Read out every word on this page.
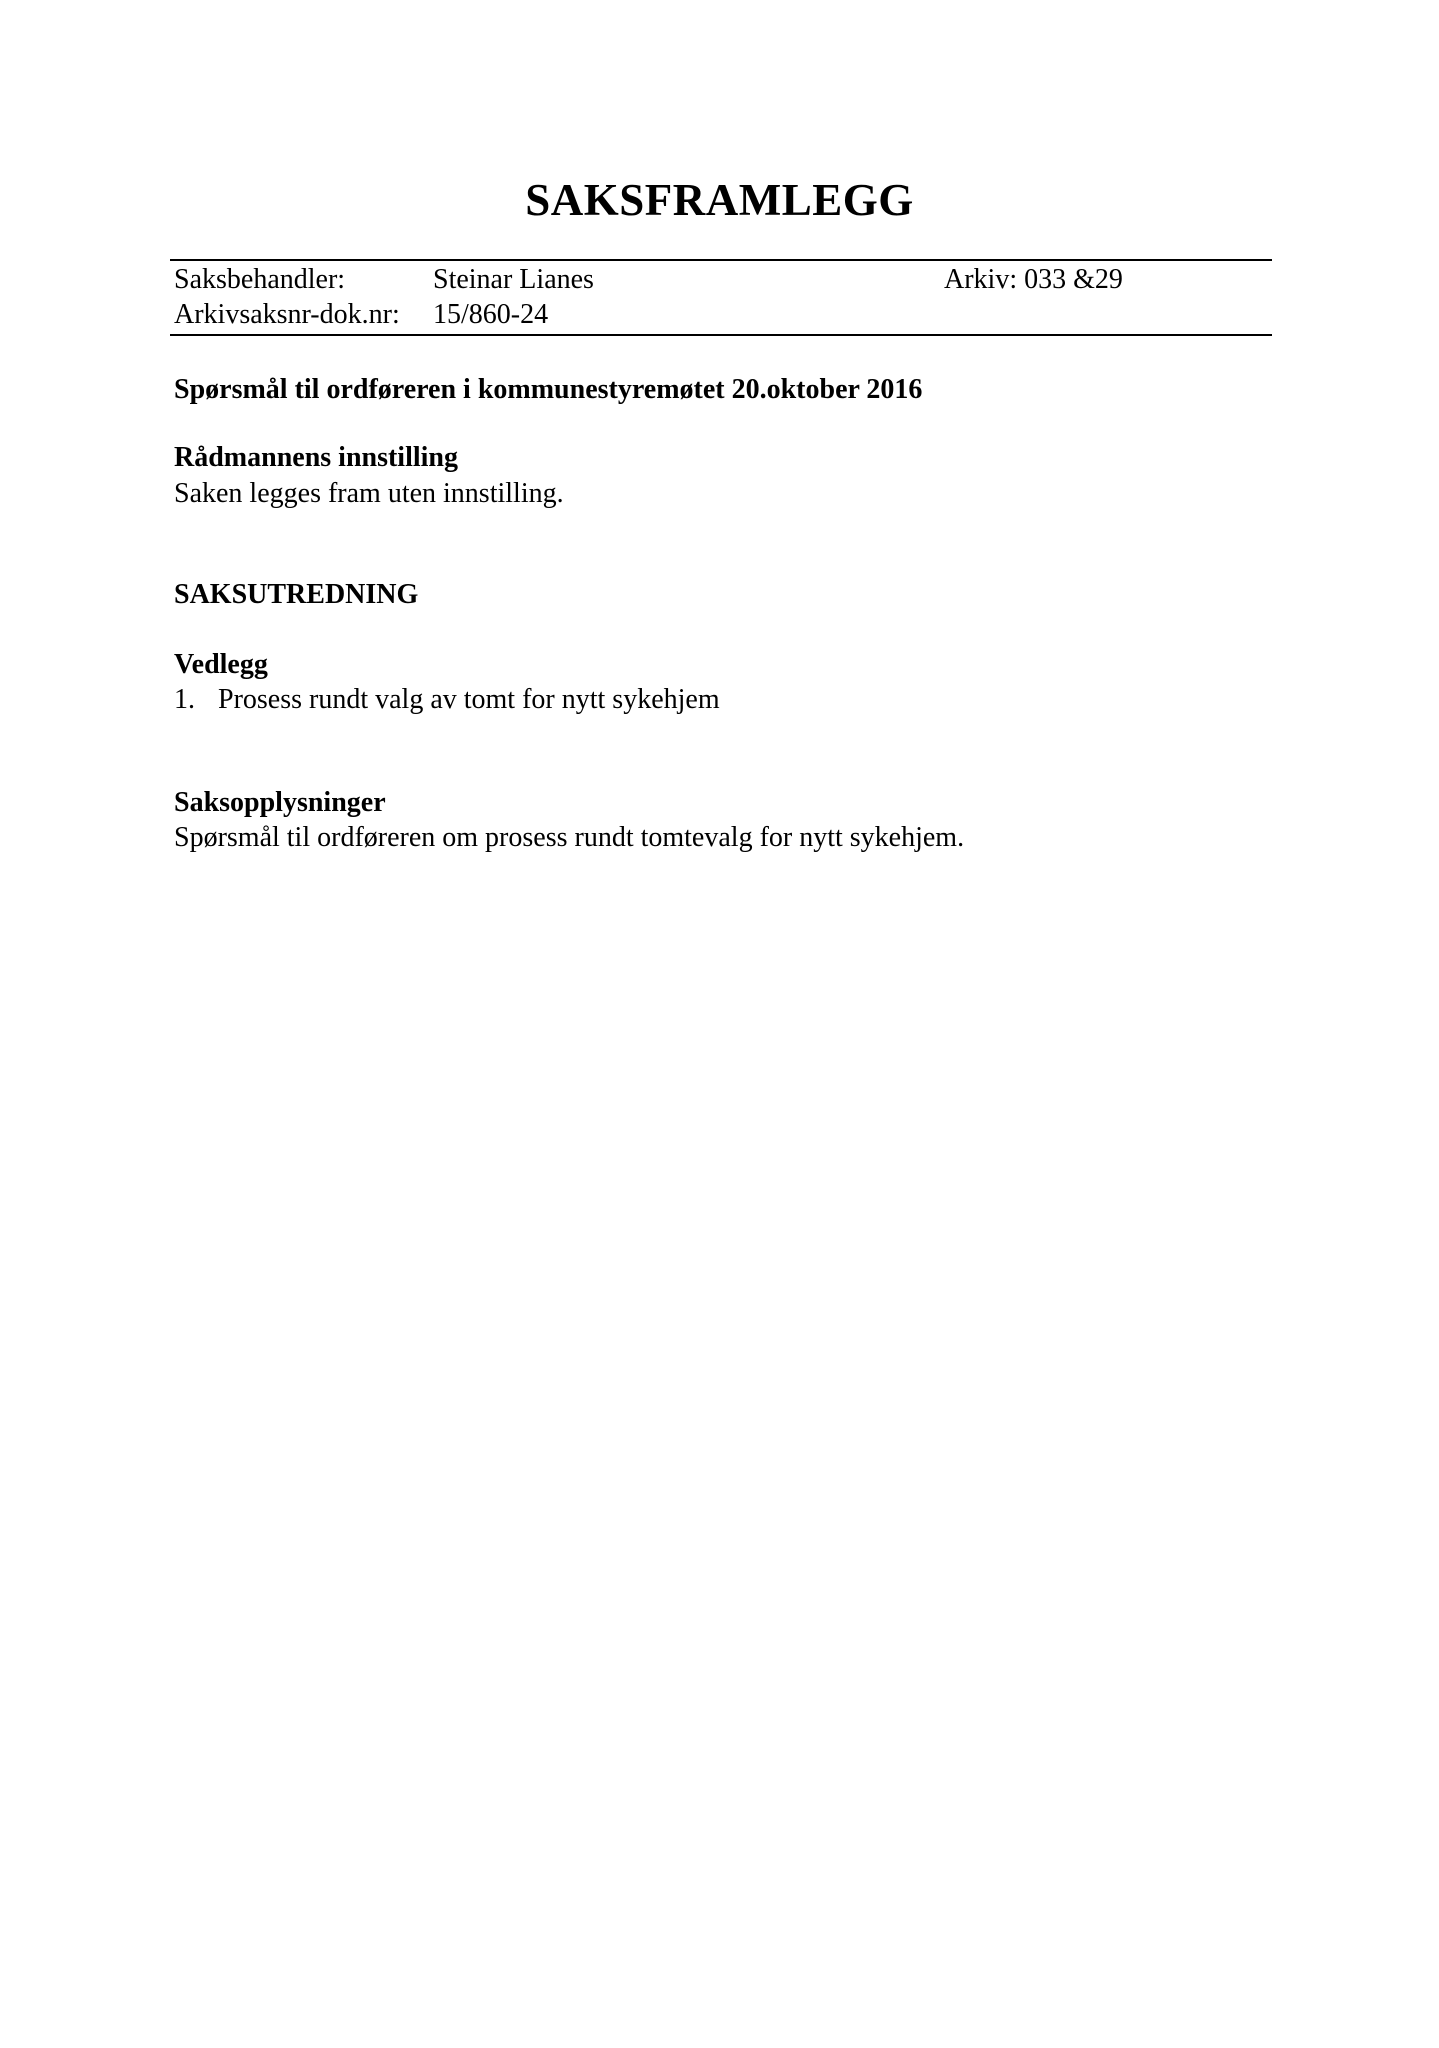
SAKSFRAMLEGG
Saksbehandler:	Steinar Lianes	Arkiv: 033 &29
Arkivsaksnr-dok.nr: 15/860-24
Spørsmål til ordføreren i kommunestyremøtet 20.oktober 2016
Rådmannens innstilling
Saken legges fram uten innstilling.
SAKSUTREDNING
Vedlegg
1. Prosess rundt valg av tomt for nytt sykehjem
Saksopplysninger
Spørsmål til ordføreren om prosess rundt tomtevalg for nytt sykehjem.
